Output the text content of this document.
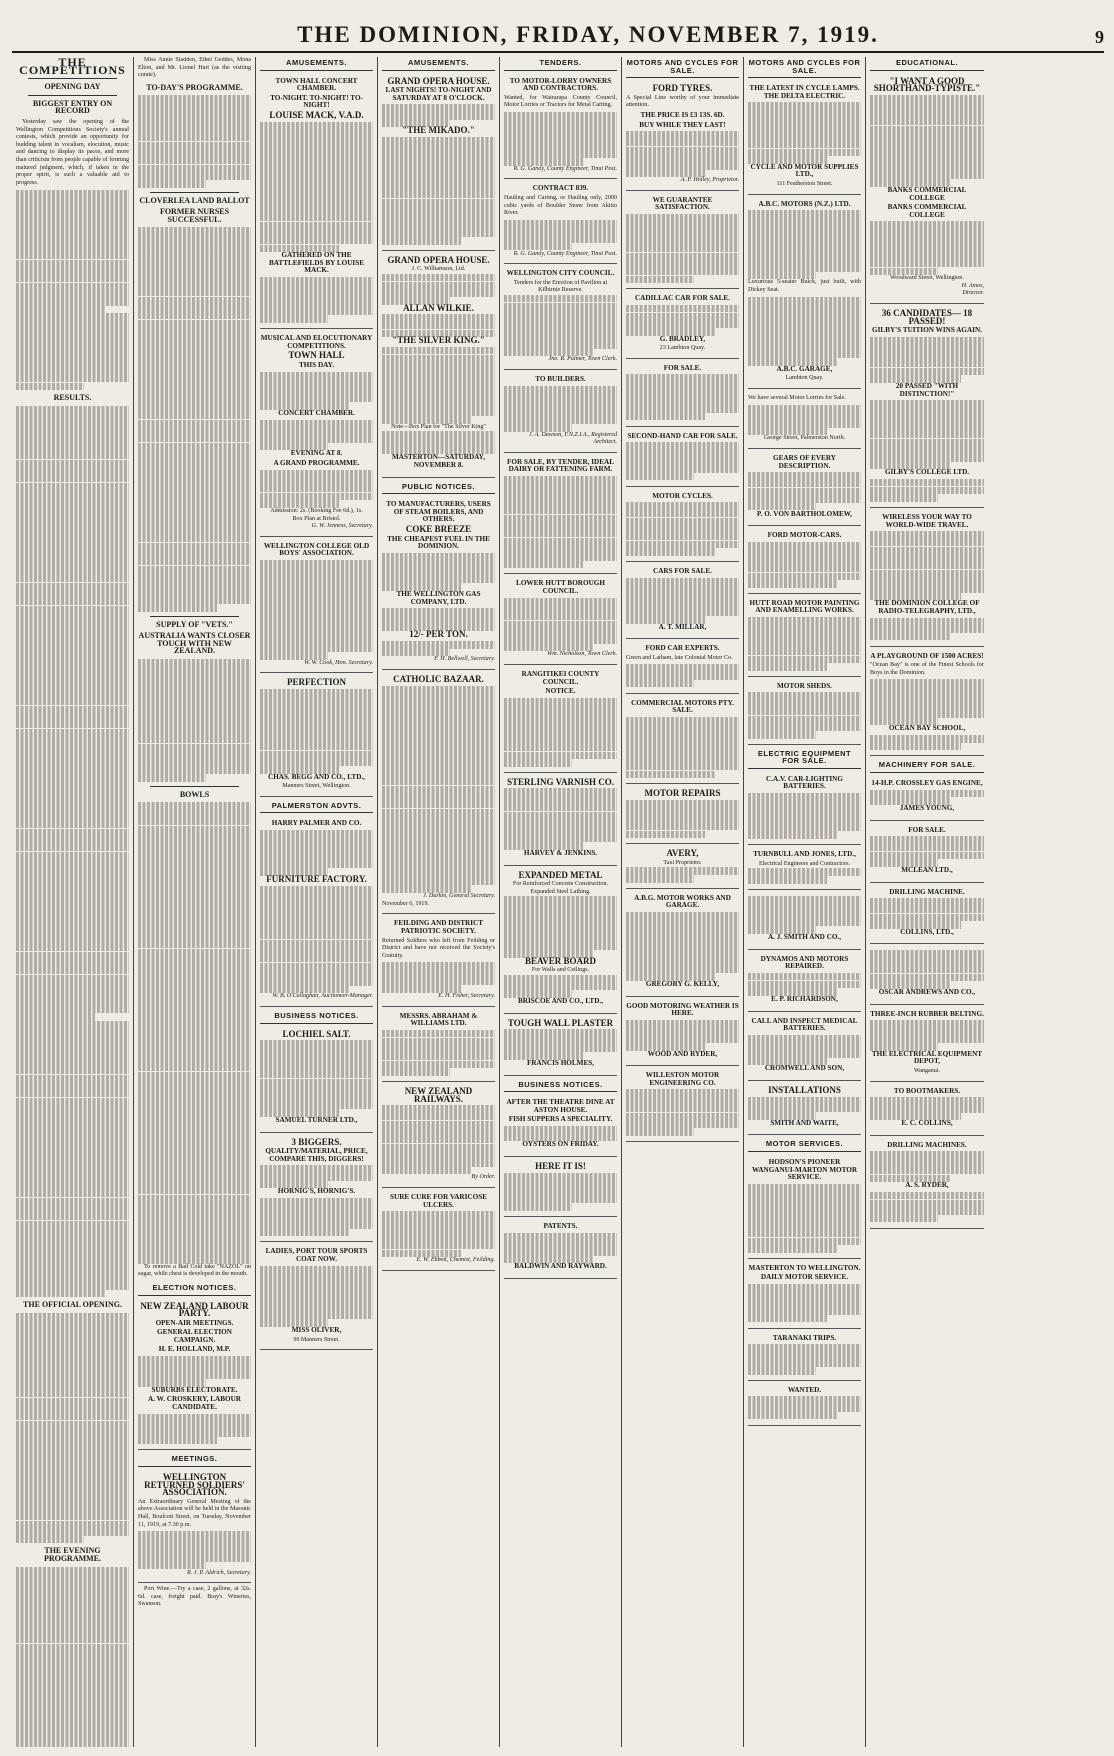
THE DOMINION, FRIDAY, NOVEMBER 7, 1919.	9
THE COMPETITIONS
OPENING DAY
BIGGEST ENTRY ON RECORD

Yesterday saw the opening of the Wellington Competitions Society's annual contests, which provide an opportunity for budding talent in vocalism, elocution, music and dancing to display its paces, and more than criticism from people capable of forming matured judgment, which, if taken in the proper spirit, is such a valuable aid to progress.

RESULTS.
THE OFFICIAL OPENING.
THE EVENING PROGRAMME.

Miss Annie Sladden, Ethel Geddes, Mona Elton, and Mr. Lionel Hart (as the visiting curate).

TO-DAY'S PROGRAMME.
CLOVERLEA LAND BALLOT
FORMER NURSES SUCCESSFUL.
SUPPLY OF "VETS."
AUSTRALIA WANTS CLOSER TOUCH WITH NEW ZEALAND.
BOWLS

To remove a Bad Cold take "NAZOL" on sugar, while chest is developed in the mouth.

ELECTION NOTICES.
NEW ZEALAND LABOUR PARTY.
OPEN-AIR MEETINGS.
GENERAL ELECTION CAMPAIGN.
H. E. HOLLAND, M.P.
SUBURBS ELECTORATE.
A. W. CROSKERY, LABOUR CANDIDATE.
MEETINGS.
WELLINGTON RETURNED SOLDIERS' ASSOCIATION.

An Extraordinary General Meeting of the above Association will be held in the Masonic Hall, Boulcott Street, on Tuesday, November 11, 1919, at 7.30 p.m.

R. J. P. Aldrich, Secretary.

Port Wine.—Try a case, 2 gallons, at 32s. 6d. case, freight paid. Bray's Wineries, Swanson.

AMUSEMENTS.
TOWN HALL CONCERT CHAMBER.
TO-NIGHT. TO-NIGHT! TO-NIGHT!
LOUISE MACK, V.A.D.
GATHERED ON THE BATTLEFIELDS BY LOUISE MACK.
MUSICAL AND ELOCUTIONARY COMPETITIONS.
TOWN HALL
THIS DAY.
CONCERT CHAMBER.
EVENING AT 8.
A GRAND PROGRAMME.
Admission: 2s. (Booking Fee 6d.), 1s.
Box Plan at Bristol.
G. W. Jenness, Secretary.
WELLINGTON COLLEGE OLD BOYS' ASSOCIATION.
W. W. Cook, Hon. Secretary.
PERFECTION
CHAS. BEGG AND CO., LTD.,
Manners Street, Wellington.
PALMERSTON ADVTS.
HARRY PALMER AND CO.
FURNITURE FACTORY.
W. B. O'Callaghan, Auctioneer-Manager.
BUSINESS NOTICES.
LOCHIEL SALT.
SAMUEL TURNER LTD.,
3 BIGGERS.
QUALITY/MATERIAL, PRICE, COMPARE THIS, DIGGERS!
HORNIG'S, HORNIG'S.
LADIES, PORT TOUR SPORTS COAT NOW.
MISS OLIVER,
90 Manners Street.
AMUSEMENTS.
GRAND OPERA HOUSE.
LAST NIGHTS! TO-NIGHT AND SATURDAY AT 8 O'CLOCK.
"THE MIKADO."
GRAND OPERA HOUSE.
J. C. Williamson, Ltd.
ALLAN WILKIE.
"THE SILVER KING."
Note—Box Plan for "The Silver King"
MASTERTON—SATURDAY, NOVEMBER 8.
PUBLIC NOTICES.
TO MANUFACTURERS, USERS OF STEAM BOILERS, AND OTHERS.
COKE BREEZE
THE CHEAPEST FUEL IN THE DOMINION.
THE WELLINGTON GAS COMPANY, LTD.
12/- PER TON.
F. H. Bellwell, Secretary.
CATHOLIC BAZAAR.
J. Durkin, General Secretary.
November 6, 1919.
FEILDING AND DISTRICT PATRIOTIC SOCIETY.

Returned Soldiers who left from Feilding or District and have not received the Society's Gratuity.

E. H. Fisher, Secretary.
MESSRS. ABRAHAM & WILLIAMS LTD.
NEW ZEALAND RAILWAYS.
By Order.
SURE CURE FOR VARICOSE ULCERS.
E. W. Ebbett, Chemist, Feilding.
TENDERS.
TO MOTOR-LORRY OWNERS AND CONTRACTORS.

Wanted, for Wairarapa County Council, Motor Lorries or Tractors for Metal Carting.

R. G. Gandy, County Engineer, Tinui Post.
CONTRACT 839.

Hauling and Carting, or Hauling only, 2000 cubic yards of Boulder Stone from Akitio River.

R. G. Gandy, County Engineer, Tinui Post.
WELLINGTON CITY COUNCIL.
Tenders for the Erection of Pavilion at Kilbirnie Reserve.
Jno. R. Palmer, Town Clerk.
TO BUILDERS.
J. A. Dawson, F.N.Z.I.A., Registered Architect.
FOR SALE, BY TENDER, IDEAL DAIRY OR FATTENING FARM.
LOWER HUTT BOROUGH COUNCIL.
Wm. Nicholson, Town Clerk.
RANGITIKEI COUNTY COUNCIL.
NOTICE.
STERLING VARNISH CO.
HARVEY & JENKINS.
EXPANDED METAL
For Reinforced Concrete Construction. Expanded Steel Lathing.
BEAVER BOARD
For Walls and Ceilings.
BRISCOE AND CO., LTD.,
TOUGH WALL PLASTER
FRANCIS HOLMES,
BUSINESS NOTICES.
AFTER THE THEATRE DINE AT ASTON HOUSE.
FISH SUPPERS A SPECIALITY.
OYSTERS ON FRIDAY.
HERE IT IS!
PATENTS.
BALDWIN AND RAYWARD.
MOTORS AND CYCLES FOR SALE.
FORD TYRES.

A Special Line worthy of your immediate attention.

THE PRICE IS £3 13S. 6D.
BUY WHILE THEY LAST!
A. P. Holley, Proprietor.
WE GUARANTEE SATISFACTION.
CADILLAC CAR FOR SALE.
G. BRADLEY,
23 Lambton Quay.
FOR SALE.
SECOND-HAND CAR FOR SALE.
MOTOR CYCLES.
CARS FOR SALE.
A. T. MILLAR,
FORD CAR EXPERTS.

Green and Latham, late Colonial Motor Co.

COMMERCIAL MOTORS PTY. SALE.
MOTOR REPAIRS
AVERY,
Taxi Proprietor.
A.B.G. MOTOR WORKS AND GARAGE.
GREGORY G. KELLY,
GOOD MOTORING WEATHER IS HERE.
WOOD AND RYDER,
WILLESTON MOTOR ENGINEERING CO.
MOTORS AND CYCLES FOR SALE.
THE LATEST IN CYCLE LAMPS. THE DELTA ELECTRIC.
CYCLE AND MOTOR SUPPLIES LTD.,
111 Featherston Street.
A.B.C. MOTORS (N.Z.) LTD.

Luxurious 5-seater Buick, just built, with Dickey Seat.

A.B.C. GARAGE,
Lambton Quay.

We have several Motor Lorries for Sale.

George Street, Palmerston North.
GEARS OF EVERY DESCRIPTION.
P. O. VON BARTHOLOMEW,
FORD MOTOR-CARS.
HUTT ROAD MOTOR PAINTING AND ENAMELLING WORKS.
MOTOR SHEDS.
ELECTRIC EQUIPMENT FOR SALE.
C.A.V. CAR-LIGHTING BATTERIES.
TURNBULL AND JONES, LTD.,
Electrical Engineers and Contractors.
A. J. SMITH AND CO.,
DYNAMOS AND MOTORS REPAIRED.
E. P. RICHARDSON,
CALL AND INSPECT MEDICAL BATTERIES.
CROMWELL AND SON,
INSTALLATIONS
SMITH AND WAITE,
MOTOR SERVICES.
HODSON'S PIONEER WANGANUI-MARTON MOTOR SERVICE.
MASTERTON TO WELLINGTON.
DAILY MOTOR SERVICE.
TARANAKI TRIPS.
WANTED.
EDUCATIONAL.
"I WANT A GOOD SHORTHAND-TYPISTE."
BANKS COMMERCIAL COLLEGE
BANKS COMMERCIAL COLLEGE
Woodward Street, Wellington.
H. Amos,
Director.
36 CANDIDATES— 18 PASSED!
GILBY'S TUITION WINS AGAIN.
20 PASSED "WITH DISTINCTION!"
GILBY'S COLLEGE LTD.
WIRELESS YOUR WAY TO WORLD-WIDE TRAVEL.
THE DOMINION COLLEGE OF RADIO-TELEGRAPHY, LTD.,
A PLAYGROUND OF 1500 ACRES!

"Ocean Bay" is one of the Finest Schools for Boys in the Dominion.

OCEAN BAY SCHOOL,
MACHINERY FOR SALE.
14-H.P. CROSSLEY GAS ENGINE,
JAMES YOUNG,
FOR SALE.
MCLEAN LTD.,
DRILLING MACHINE.
COLLINS, LTD.,
OSCAR ANDREWS AND CO.,
THREE-INCH RUBBER BELTING.
THE ELECTRICAL EQUIPMENT DEPOT,
Wanganui.
TO BOOTMAKERS.
E. C. COLLINS,
DRILLING MACHINES.
A. S. RYDER,
